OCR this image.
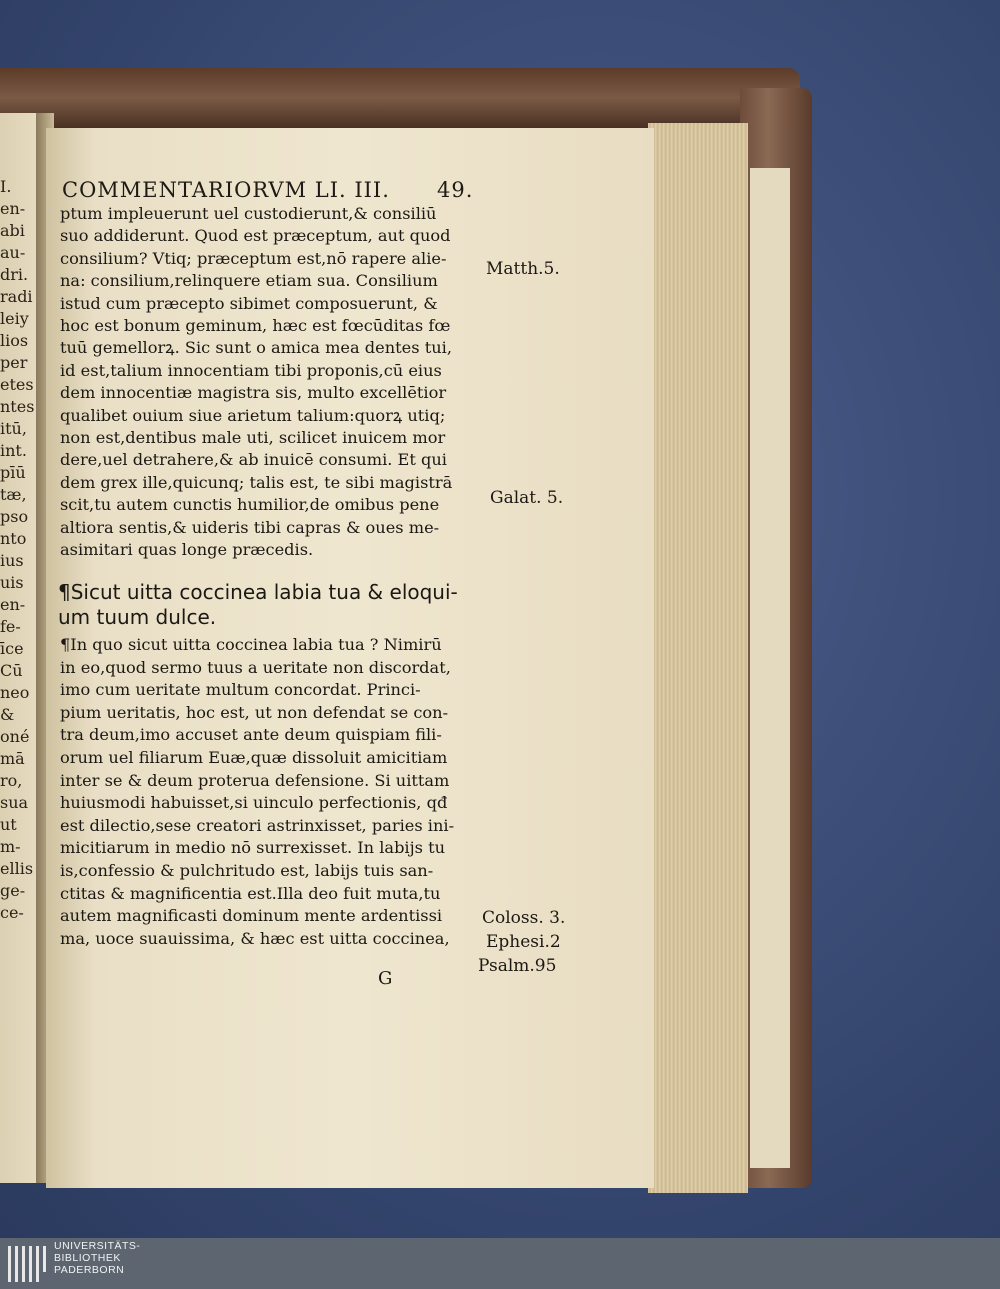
I.
en-
abi
au-
dri.
radi
leiy
lios
per
etes
ntes
itū,
int.
pīū
tæ,
pso
nto
ius
uis
en-
fe-
īce
Cū
neo
&
oné
mā
ro,
sua
ut
m-
ellis
ge-
ce-
COMMENTARIORVM LI. III. 49.
ptum impleuerunt uel custodierunt,& consiliū
suo addiderunt. Quod est præceptum, aut quod
consilium? Vtiq; præceptum est,nō rapere alie-
na: consilium,relinquere etiam sua. Consilium
istud cum præcepto sibimet composuerunt, &
hoc est bonum geminum, hæc est fœcūditas fœ
tuū gemellorꝝ. Sic sunt o amica mea dentes tui,
id est,talium innocentiam tibi proponis,cū eius
dem innocentiæ magistra sis, multo excellētior
qualibet ouium siue arietum talium:quorꝝ utiq;
non est,dentibus male uti, scilicet inuicem mor
dere,uel detrahere,& ab inuicē consumi. Et qui
dem grex ille,quicunq; talis est, te sibi magistrā
scit,tu autem cunctis humilior,de omibus pene
altiora sentis,& uideris tibi capras & oues me-
asimitari quas longe præcedis.
¶Sicut uitta coccinea labia tua & eloqui-
um tuum dulce.
¶In quo sicut uitta coccinea labia tua ? Nimirū
in eo,quod sermo tuus a ueritate non discordat,
imo cum ueritate multum concordat. Princi-
pium ueritatis, hoc est, ut non defendat se con-
tra deum,imo accuset ante deum quispiam fili-
orum uel filiarum Euæ,quæ dissoluit amicitiam
inter se & deum proterua defensione. Si uittam
huiusmodi habuisset,si uinculo perfectionis, qđ
est dilectio,sese creatori astrinxisset, paries ini-
micitiarum in medio nō surrexisset. In labijs tu
is,confessio & pulchritudo est, labijs tuis san-
ctitas & magnificentia est.Illa deo fuit muta,tu
autem magnificasti dominum mente ardentissi
ma, uoce suauissima, & hæc est uitta coccinea,
G
Matth.5.
Galat. 5.
Coloss. 3.
Ephesi.2
Psalm.95
UNIVERSITÄTS-
BIBLIOTHEK
PADERBORN
